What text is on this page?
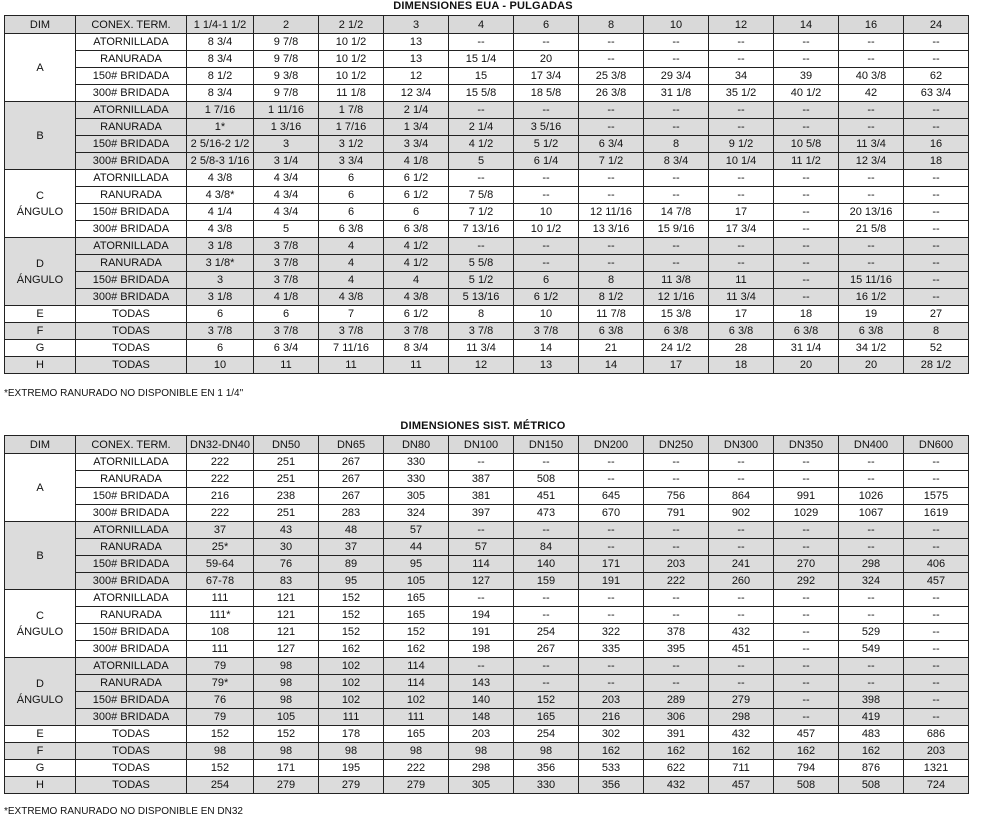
DIMENSIONES EUA - PULGADAS
DIM	CONEX. TERM.	1 1/4-1 1/2	2	2 1/2	3	4	6	8	10	12	14	16	24

A	ATORNILLADA	8 3/4	9 7/8	10 1/2	13	--	--	--	--	--	--	--	--
	RANURADA	8 3/4	9 7/8	10 1/2	13	15 1/4	20	--	--	--	--	--	--
	150# BRIDADA	8 1/2	9 3/8	10 1/2	12	15	17 3/4	25 3/8	29 3/4	34	39	40 3/8	62
	300# BRIDADA	8 3/4	9 7/8	11 1/8	12 3/4	15 5/8	18 5/8	26 3/8	31 1/8	35 1/2	40 1/2	42	63 3/4

B	ATORNILLADA	1 7/16	1 11/16	1 7/8	2 1/4	--	--	--	--	--	--	--	--
	RANURADA	1*	1 3/16	1 7/16	1 3/4	2 1/4	3 5/16	--	--	--	--	--	--
	150# BRIDADA	2 5/16-2 1/2	3	3 1/2	3 3/4	4 1/2	5 1/2	6 3/4	8	9 1/2	10 5/8	11 3/4	16
	300# BRIDADA	2 5/8-3 1/16	3 1/4	3 3/4	4 1/8	5	6 1/4	7 1/2	8 3/4	10 1/4	11 1/2	12 3/4	18

C
ÁNGULO	ATORNILLADA	4 3/8	4 3/4	6	6 1/2	--	--	--	--	--	--	--	--
	RANURADA	4 3/8*	4 3/4	6	6 1/2	7 5/8	--	--	--	--	--	--	--
	150# BRIDADA	4 1/4	4 3/4	6	6	7 1/2	10	12 11/16	14 7/8	17	--	20 13/16	--
	300# BRIDADA	4 3/8	5	6 3/8	6 3/8	7 13/16	10 1/2	13 3/16	15 9/16	17 3/4	--	21 5/8	--

D
ÁNGULO	ATORNILLADA	3 1/8	3 7/8	4	4 1/2	--	--	--	--	--	--	--	--
	RANURADA	3 1/8*	3 7/8	4	4 1/2	5 5/8	--	--	--	--	--	--	--
	150# BRIDADA	3	3 7/8	4	4	5 1/2	6	8	11 3/8	11	--	15 11/16	--
	300# BRIDADA	3 1/8	4 1/8	4 3/8	4 3/8	5 13/16	6 1/2	8 1/2	12 1/16	11 3/4	--	16 1/2	--

E	TODAS	6	6	7	6 1/2	8	10	11 7/8	15 3/8	17	18	19	27

F	TODAS	3 7/8	3 7/8	3 7/8	3 7/8	3 7/8	3 7/8	6 3/8	6 3/8	6 3/8	6 3/8	6 3/8	8

G	TODAS	6	6 3/4	7 11/16	8 3/4	11 3/4	14	21	24 1/2	28	31 1/4	34 1/2	52

H	TODAS	10	11	11	11	12	13	14	17	18	20	20	28 1/2
*EXTREMO RANURADO NO DISPONIBLE EN 1 1/4"
DIMENSIONES SIST. MÉTRICO
DIM	CONEX. TERM.	DN32-DN40	DN50	DN65	DN80	DN100	DN150	DN200	DN250	DN300	DN350	DN400	DN600

A	ATORNILLADA	222	251	267	330	--	--	--	--	--	--	--	--
	RANURADA	222	251	267	330	387	508	--	--	--	--	--	--
	150# BRIDADA	216	238	267	305	381	451	645	756	864	991	1026	1575
	300# BRIDADA	222	251	283	324	397	473	670	791	902	1029	1067	1619

B	ATORNILLADA	37	43	48	57	--	--	--	--	--	--	--	--
	RANURADA	25*	30	37	44	57	84	--	--	--	--	--	--
	150# BRIDADA	59-64	76	89	95	114	140	171	203	241	270	298	406
	300# BRIDADA	67-78	83	95	105	127	159	191	222	260	292	324	457

C
ÁNGULO	ATORNILLADA	111	121	152	165	--	--	--	--	--	--	--	--
	RANURADA	111*	121	152	165	194	--	--	--	--	--	--	--
	150# BRIDADA	108	121	152	152	191	254	322	378	432	--	529	--
	300# BRIDADA	111	127	162	162	198	267	335	395	451	--	549	--

D
ÁNGULO	ATORNILLADA	79	98	102	114	--	--	--	--	--	--	--	--
	RANURADA	79*	98	102	114	143	--	--	--	--	--	--	--
	150# BRIDADA	76	98	102	102	140	152	203	289	279	--	398	--
	300# BRIDADA	79	105	111	111	148	165	216	306	298	--	419	--

E	TODAS	152	152	178	165	203	254	302	391	432	457	483	686

F	TODAS	98	98	98	98	98	98	162	162	162	162	162	203

G	TODAS	152	171	195	222	298	356	533	622	711	794	876	1321

H	TODAS	254	279	279	279	305	330	356	432	457	508	508	724
*EXTREMO RANURADO NO DISPONIBLE EN DN32
